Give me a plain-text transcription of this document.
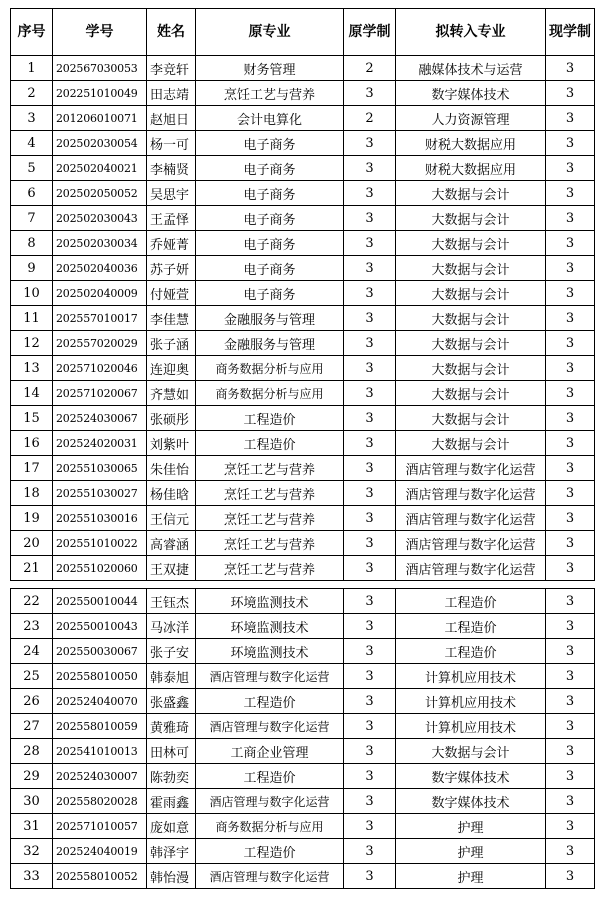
序号	学号	姓名	原专业	原学制	拟转入专业	现学制
1	202567030053	李竞轩	财务管理	2	融媒体技术与运营	3
2	202251010049	田志靖	烹饪工艺与营养	3	数字媒体技术	3
3	201206010071	赵旭日	会计电算化	2	人力资源管理	3
4	202502030054	杨一可	电子商务	3	财税大数据应用	3
5	202502040021	李楠贤	电子商务	3	财税大数据应用	3
6	202502050052	吴思宇	电子商务	3	大数据与会计	3
7	202502030043	王孟怿	电子商务	3	大数据与会计	3
8	202502030034	乔娅菁	电子商务	3	大数据与会计	3
9	202502040036	苏子妍	电子商务	3	大数据与会计	3
10	202502040009	付娅萱	电子商务	3	大数据与会计	3
11	202557010017	李佳慧	金融服务与管理	3	大数据与会计	3
12	202557020029	张子涵	金融服务与管理	3	大数据与会计	3
13	202571020046	连迎奥	商务数据分析与应用	3	大数据与会计	3
14	202571020067	齐慧如	商务数据分析与应用	3	大数据与会计	3
15	202524030067	张硕彤	工程造价	3	大数据与会计	3
16	202524020031	刘紫叶	工程造价	3	大数据与会计	3
17	202551030065	朱佳怡	烹饪工艺与营养	3	酒店管理与数字化运营	3
18	202551030027	杨佳晗	烹饪工艺与营养	3	酒店管理与数字化运营	3
19	202551030016	王信元	烹饪工艺与营养	3	酒店管理与数字化运营	3
20	202551010022	高睿涵	烹饪工艺与营养	3	酒店管理与数字化运营	3
21	202551020060	王双捷	烹饪工艺与营养	3	酒店管理与数字化运营	3
22	202550010044	王钰杰	环境监测技术	3	工程造价	3
23	202550010043	马冰洋	环境监测技术	3	工程造价	3
24	202550030067	张子安	环境监测技术	3	工程造价	3
25	202558010050	韩泰旭	酒店管理与数字化运营	3	计算机应用技术	3
26	202524040070	张盛鑫	工程造价	3	计算机应用技术	3
27	202558010059	黄雅琦	酒店管理与数字化运营	3	计算机应用技术	3
28	202541010013	田林可	工商企业管理	3	大数据与会计	3
29	202524030007	陈勃奕	工程造价	3	数字媒体技术	3
30	202558020028	霍雨鑫	酒店管理与数字化运营	3	数字媒体技术	3
31	202571010057	庞如意	商务数据分析与应用	3	护理	3
32	202524040019	韩泽宇	工程造价	3	护理	3
33	202558010052	韩怡漫	酒店管理与数字化运营	3	护理	3
